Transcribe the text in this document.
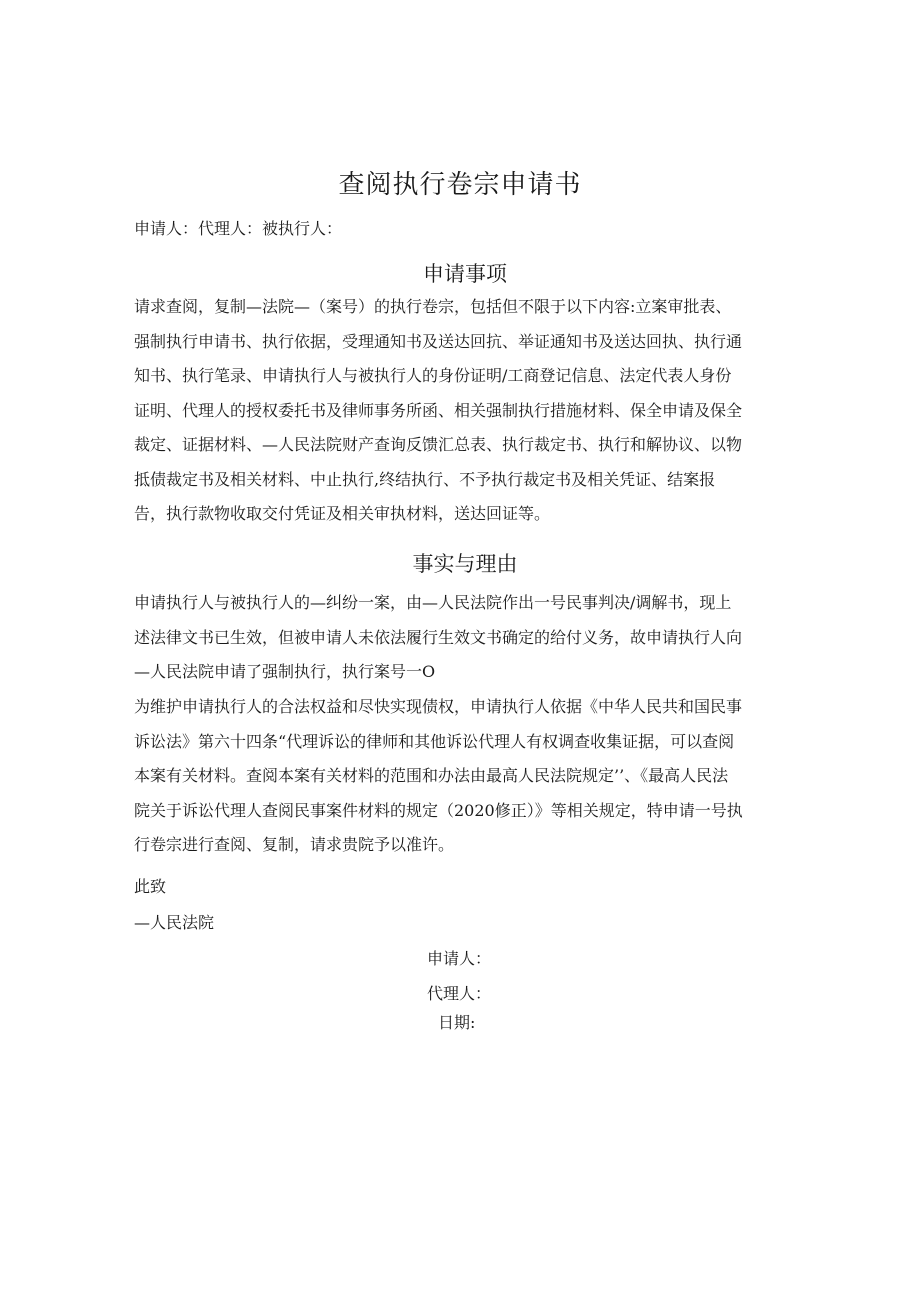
查阅执行卷宗申请书
申请人：代理人：被执行人：
申请事项
请求查阅，复制—法院—（案号）的执行卷宗，包括但不限于以下内容:立案审批表、
强制执行申请书、执行依据，受理通知书及送达回抗、举证通知书及送达回执、执行通
知书、执行笔录、申请执行人与被执行人的身份证明/工商登记信息、法定代表人身份
证明、代理人的授权委托书及律师事务所函、相关强制执行措施材料、保全申请及保全
裁定、证据材料、—人民法院财产查询反馈汇总表、执行裁定书、执行和解协议、以物
抵债裁定书及相关材料、中止执行,终结执行、不予执行裁定书及相关凭证、结案报
告，执行款物收取交付凭证及相关审执材料，送达回证等。
事实与理由
申请执行人与被执行人的—纠纷一案，由—人民法院作出一号民事判决/调解书，现上
述法律文书已生效，但被申请人未依法履行生效文书确定的给付义务，故申请执行人向
—人民法院申请了强制执行，执行案号一O
为维护申请执行人的合法权益和尽快实现债权，申请执行人依据《中华人民共和国民事
诉讼法》第六十四条“代理诉讼的律师和其他诉讼代理人有权调查收集证据，可以查阅
本案有关材料。查阅本案有关材料的范围和办法由最高人民法院规定’’、《最高人民法
院关于诉讼代理人查阅民事案件材料的规定（2020修正）》等相关规定，特申请一号执
行卷宗进行查阅、复制，请求贵院予以准许。
此致
—人民法院
申请人：
代理人：
日期:
